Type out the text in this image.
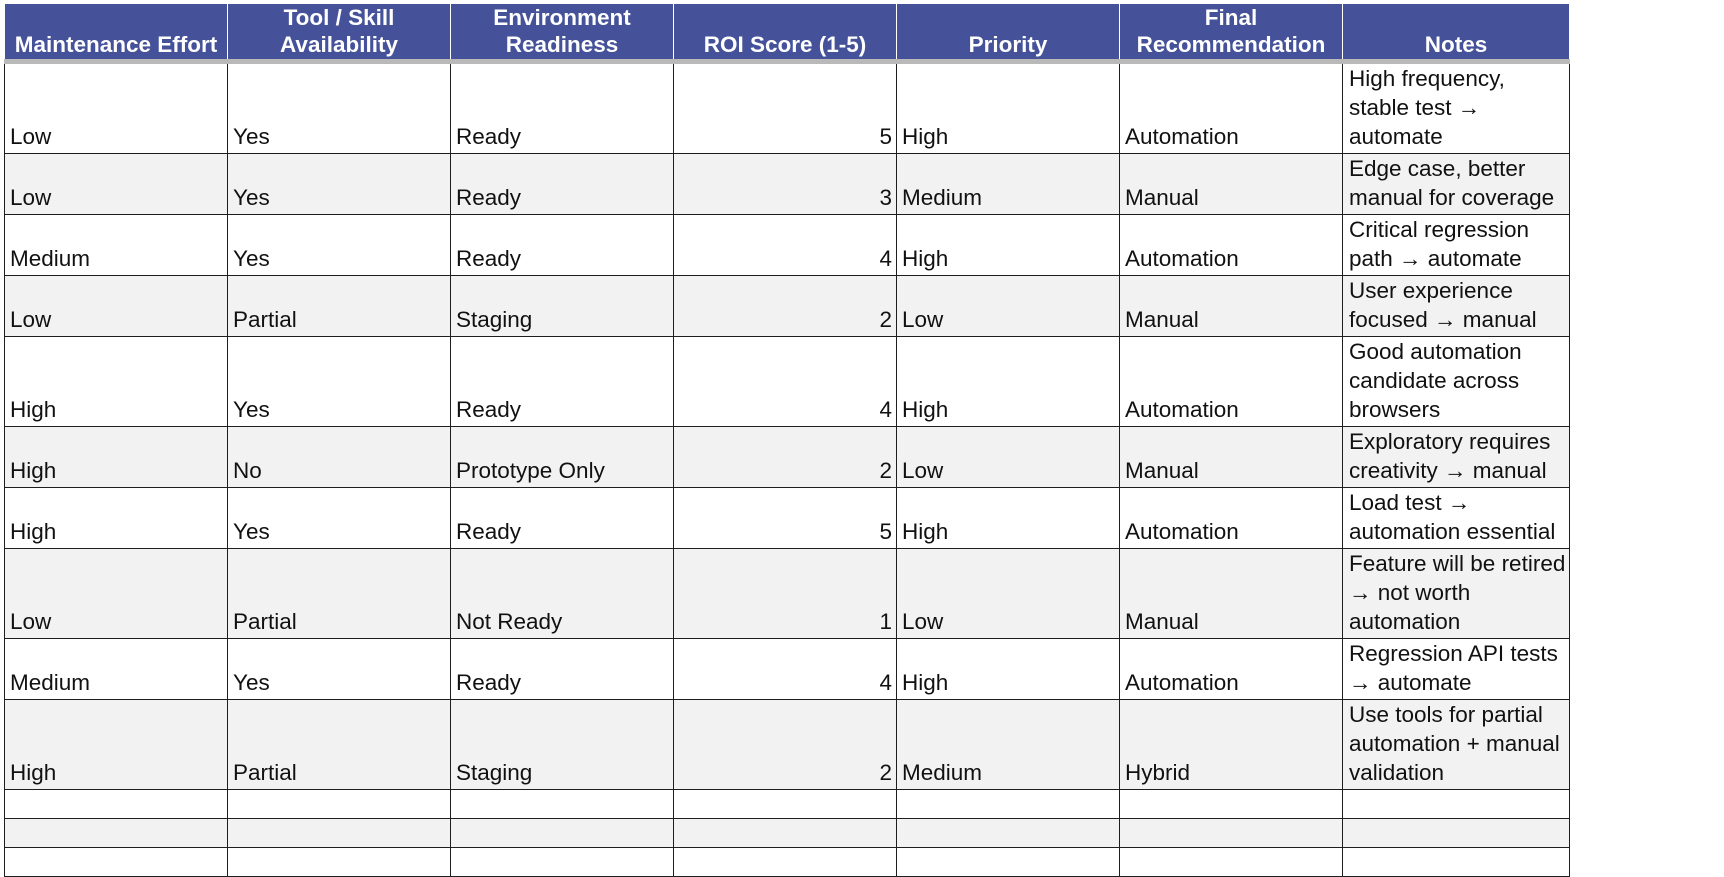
Maintenance Effort	Tool / Skill Availability	Environment Readiness	ROI Score (1-5)	Priority	Final Recommendation	Notes
Low	Yes	Ready	5	High	Automation	High frequency, stable test → automate
Low	Yes	Ready	3	Medium	Manual	Edge case, better manual for coverage
Medium	Yes	Ready	4	High	Automation	Critical regression path → automate
Low	Partial	Staging	2	Low	Manual	User experience focused → manual
High	Yes	Ready	4	High	Automation	Good automation candidate across browsers
High	No	Prototype Only	2	Low	Manual	Exploratory requires creativity → manual
High	Yes	Ready	5	High	Automation	Load test → automation essential
Low	Partial	Not Ready	1	Low	Manual	Feature will be retired → not worth automation
Medium	Yes	Ready	4	High	Automation	Regression API tests → automate
High	Partial	Staging	2	Medium	Hybrid	Use tools for partial automation + manual validation
